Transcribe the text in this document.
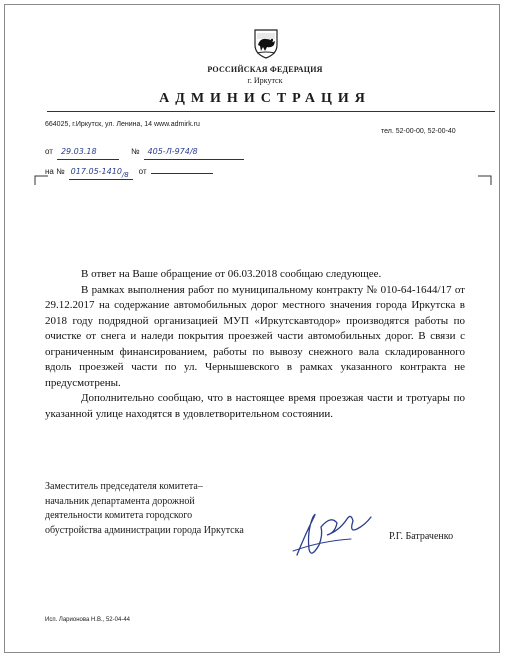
РОССИЙСКАЯ ФЕДЕРАЦИЯ
г. Иркутск
АДМИНИСТРАЦИЯ
664025, г.Иркутск, ул. Ленина, 14 www.admirk.ru
тел. 52-00-00, 52-00-40
от 29.03.18	№ 405-Л-974/8
на № 017.05-1410/8 от

В ответ на Ваше обращение от 06.03.2018 сообщаю следующее.

В рамках выполнения работ по муниципальному контракту № 010-64-1644/17 от 29.12.2017 на содержание автомобильных дорог местного значения города Иркутска в 2018 году подрядной организацией МУП «Иркутскавтодор» производятся работы по очистке от снега и наледи покрытия проезжей части автомобильных дорог. В связи с ограниченным финансированием, работы по вывозу снежного вала складированного вдоль проезжей части по ул. Чернышевского в рамках указанного контракта не предусмотрены.

Дополнительно сообщаю, что в настоящее время проезжая части и тротуары по указанной улице находятся в удовлетворительном состоянии.

Заместитель председателя комитета–
начальник департамента дорожной
деятельности комитета городского
обустройства администрации города Иркутска
Р.Г. Батраченко
Исп. Ларионова Н.В., 52-04-44
